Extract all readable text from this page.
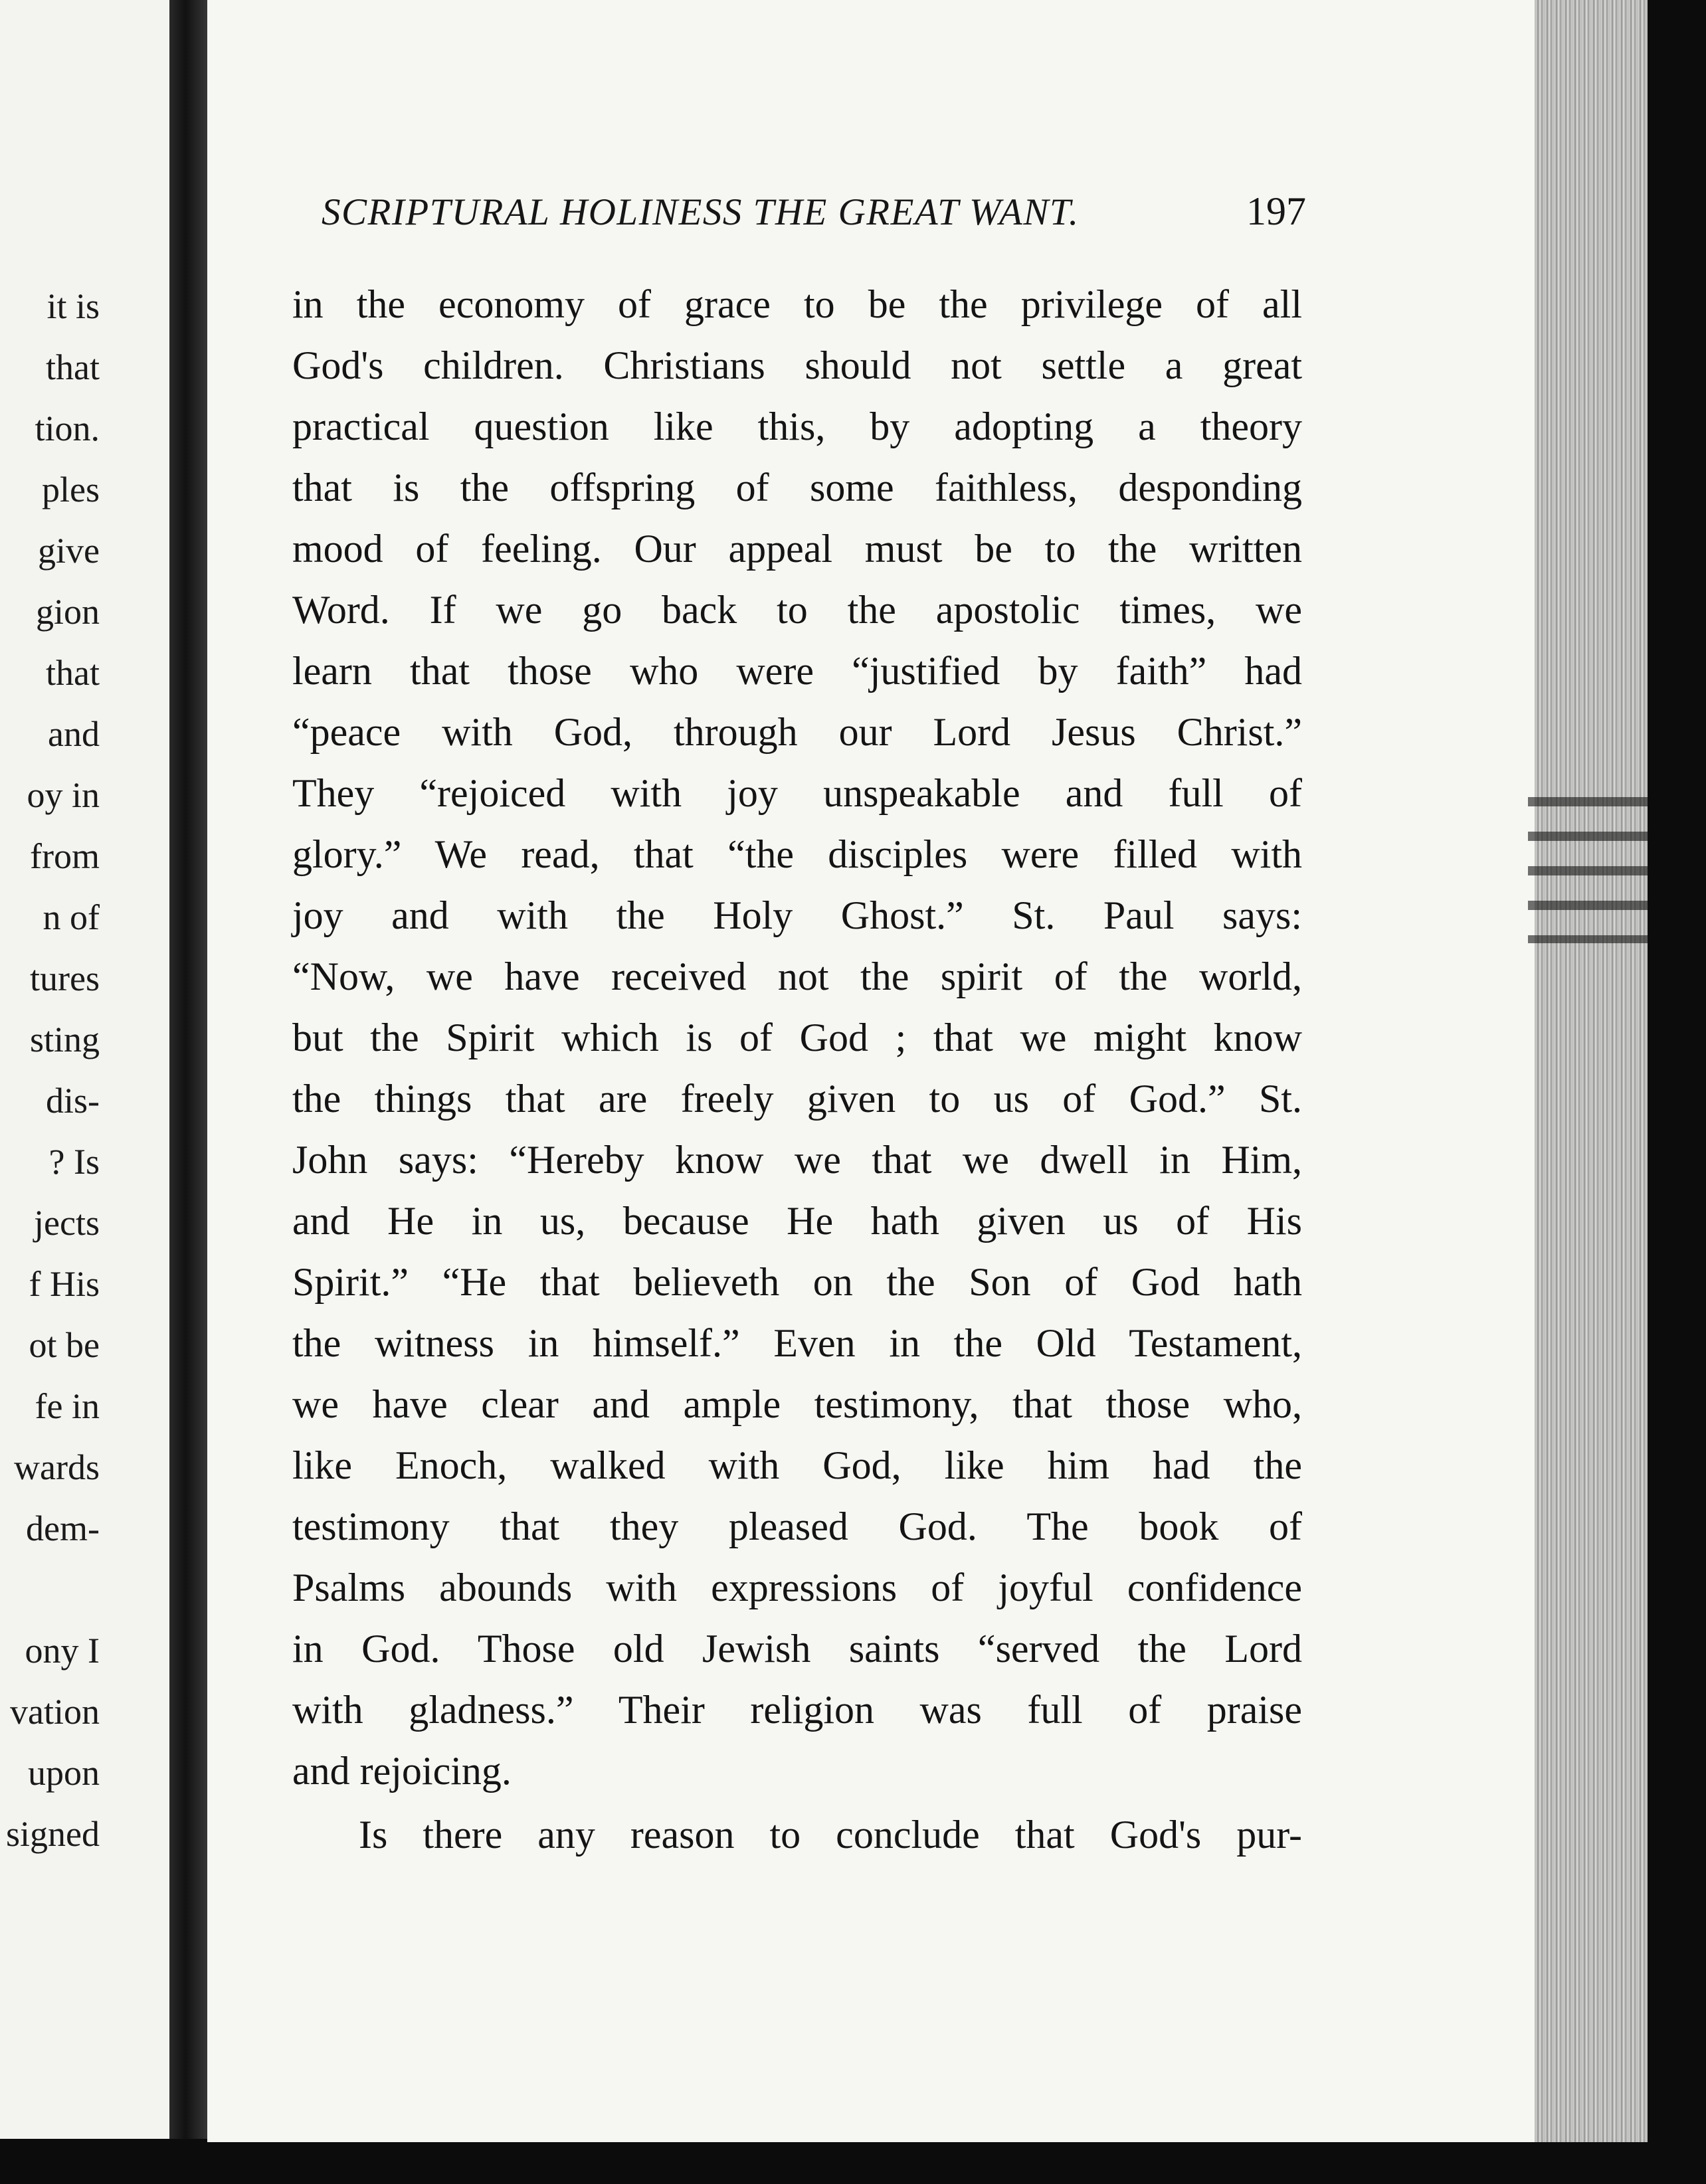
it is
that
tion.
ples
give
gion
that
and
oy in
from
n of
tures
sting
dis-
? Is
jects
f His
ot be
fe in
wards
dem-
ony I
vation
upon
signed
SCRIPTURAL HOLINESS THE GREAT WANT.	197
in the economy of grace to be the privilege of all
God's children. Christians should not settle a great
practical question like this, by adopting a theory
that is the offspring of some faithless, desponding
mood of feeling. Our appeal must be to the written
Word. If we go back to the apostolic times, we
learn that those who were “justified by faith” had
“peace with God, through our Lord Jesus Christ.”
They “rejoiced with joy unspeakable and full of
glory.” We read, that “the disciples were filled with
joy and with the Holy Ghost.” St. Paul says:
“Now, we have received not the spirit of the world,
but the Spirit which is of God ; that we might know
the things that are freely given to us of God.” St.
John says: “Hereby know we that we dwell in Him,
and He in us, because He hath given us of His
Spirit.” “He that believeth on the Son of God hath
the witness in himself.” Even in the Old Testament,
we have clear and ample testimony, that those who,
like Enoch, walked with God, like him had the
testimony that they pleased God. The book of
Psalms abounds with expressions of joyful confidence
in God. Those old Jewish saints “served the Lord
with gladness.” Their religion was full of praise
and rejoicing.
Is there any reason to conclude that God's pur-
